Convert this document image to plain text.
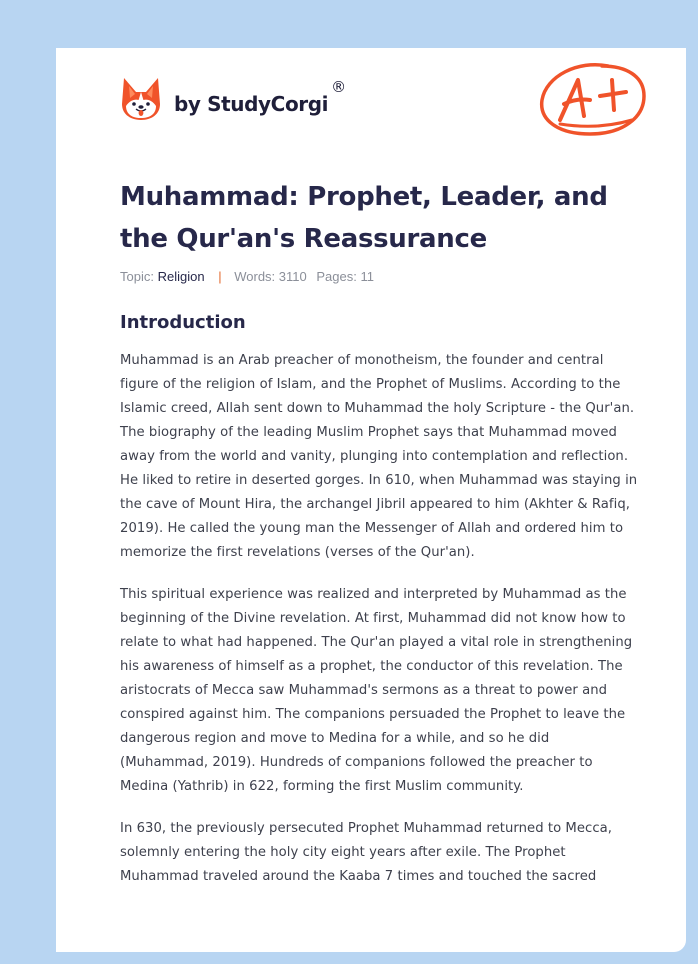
by StudyCorgi
®
Muhammad: Prophet, Leader, and the Qur'an's Reassurance
Topic: Religion | Words: 3110 Pages: 11
Introduction

Muhammad is an Arab preacher of monotheism, the founder and central figure of the religion of Islam, and the Prophet of Muslims. According to the Islamic creed, Allah sent down to Muhammad the holy Scripture - the Qur'an. The biography of the leading Muslim Prophet says that Muhammad moved away from the world and vanity, plunging into contemplation and reflection. He liked to retire in deserted gorges. In 610, when Muhammad was staying in the cave of Mount Hira, the archangel Jibril appeared to him (Akhter & Rafiq, 2019). He called the young man the Messenger of Allah and ordered him to memorize the first revelations (verses of the Qur'an).

This spiritual experience was realized and interpreted by Muhammad as the beginning of the Divine revelation. At first, Muhammad did not know how to relate to what had happened. The Qur'an played a vital role in strengthening his awareness of himself as a prophet, the conductor of this revelation. The aristocrats of Mecca saw Muhammad's sermons as a threat to power and conspired against him. The companions persuaded the Prophet to leave the dangerous region and move to Medina for a while, and so he did (Muhammad, 2019). Hundreds of companions followed the preacher to Medina (Yathrib) in 622, forming the first Muslim community.

In 630, the previously persecuted Prophet Muhammad returned to Mecca, solemnly entering the holy city eight years after exile. The Prophet Muhammad traveled around the Kaaba 7 times and touched the sacred
